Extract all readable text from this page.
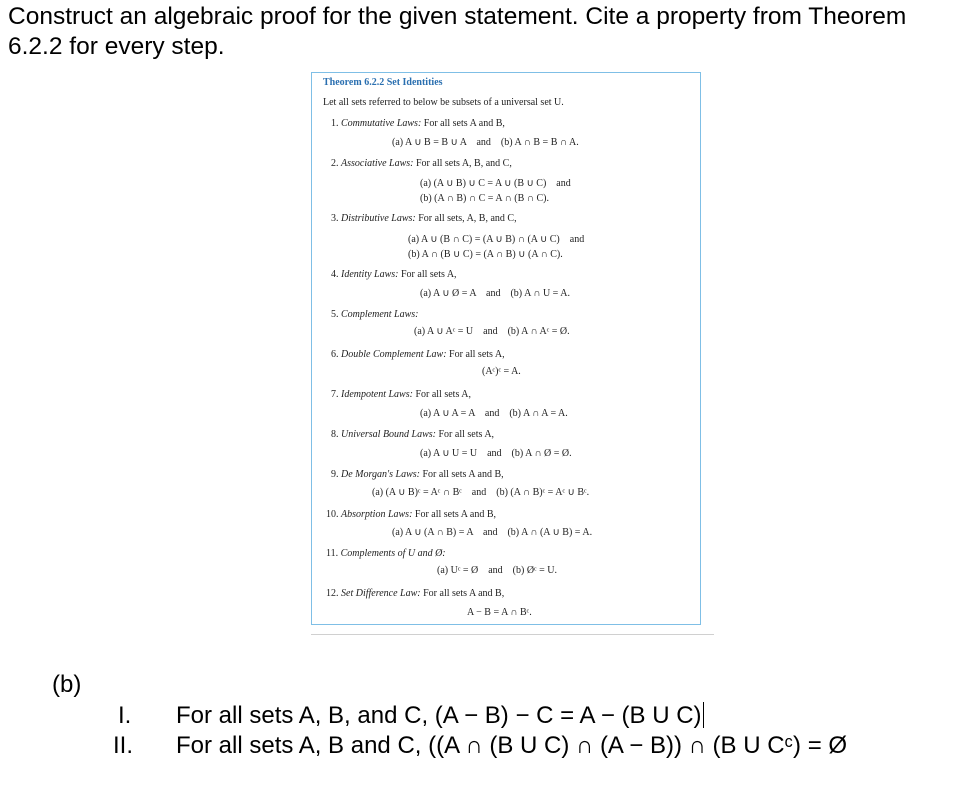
Construct an algebraic proof for the given statement. Cite a property from Theorem
6.2.2 for every step.
Theorem 6.2.2 Set Identities
Let all sets referred to below be subsets of a universal set U.
1. Commutative Laws: For all sets A and B,
(a) A ∪ B = B ∪ A    and    (b) A ∩ B = B ∩ A.
2. Associative Laws: For all sets A, B, and C,
(a) (A ∪ B) ∪ C = A ∪ (B ∪ C)    and
(b) (A ∩ B) ∩ C = A ∩ (B ∩ C).
3. Distributive Laws: For all sets, A, B, and C,
(a) A ∪ (B ∩ C) = (A ∪ B) ∩ (A ∪ C)    and
(b) A ∩ (B ∪ C) = (A ∩ B) ∪ (A ∩ C).
4. Identity Laws: For all sets A,
(a) A ∪ Ø = A    and    (b) A ∩ U = A.
5. Complement Laws:
(a) A ∪ Aᶜ = U    and    (b) A ∩ Aᶜ = Ø.
6. Double Complement Law: For all sets A,
(Aᶜ)ᶜ = A.
7. Idempotent Laws: For all sets A,
(a) A ∪ A = A    and    (b) A ∩ A = A.
8. Universal Bound Laws: For all sets A,
(a) A ∪ U = U    and    (b) A ∩ Ø = Ø.
9. De Morgan's Laws: For all sets A and B,
(a) (A ∪ B)ᶜ = Aᶜ ∩ Bᶜ    and    (b) (A ∩ B)ᶜ = Aᶜ ∪ Bᶜ.
10. Absorption Laws: For all sets A and B,
(a) A ∪ (A ∩ B) = A    and    (b) A ∩ (A ∪ B) = A.
11. Complements of U and Ø:
(a) Uᶜ = Ø    and    (b) Øᶜ = U.
12. Set Difference Law: For all sets A and B,
A − B = A ∩ Bᶜ.
(b)
I. For all sets A, B, and C, (A − B) − C = A − (B U C)
II. For all sets A, B and C, ((A ∩ (B U C) ∩ (A − B)) ∩ (B U Cᶜ) = Ø
